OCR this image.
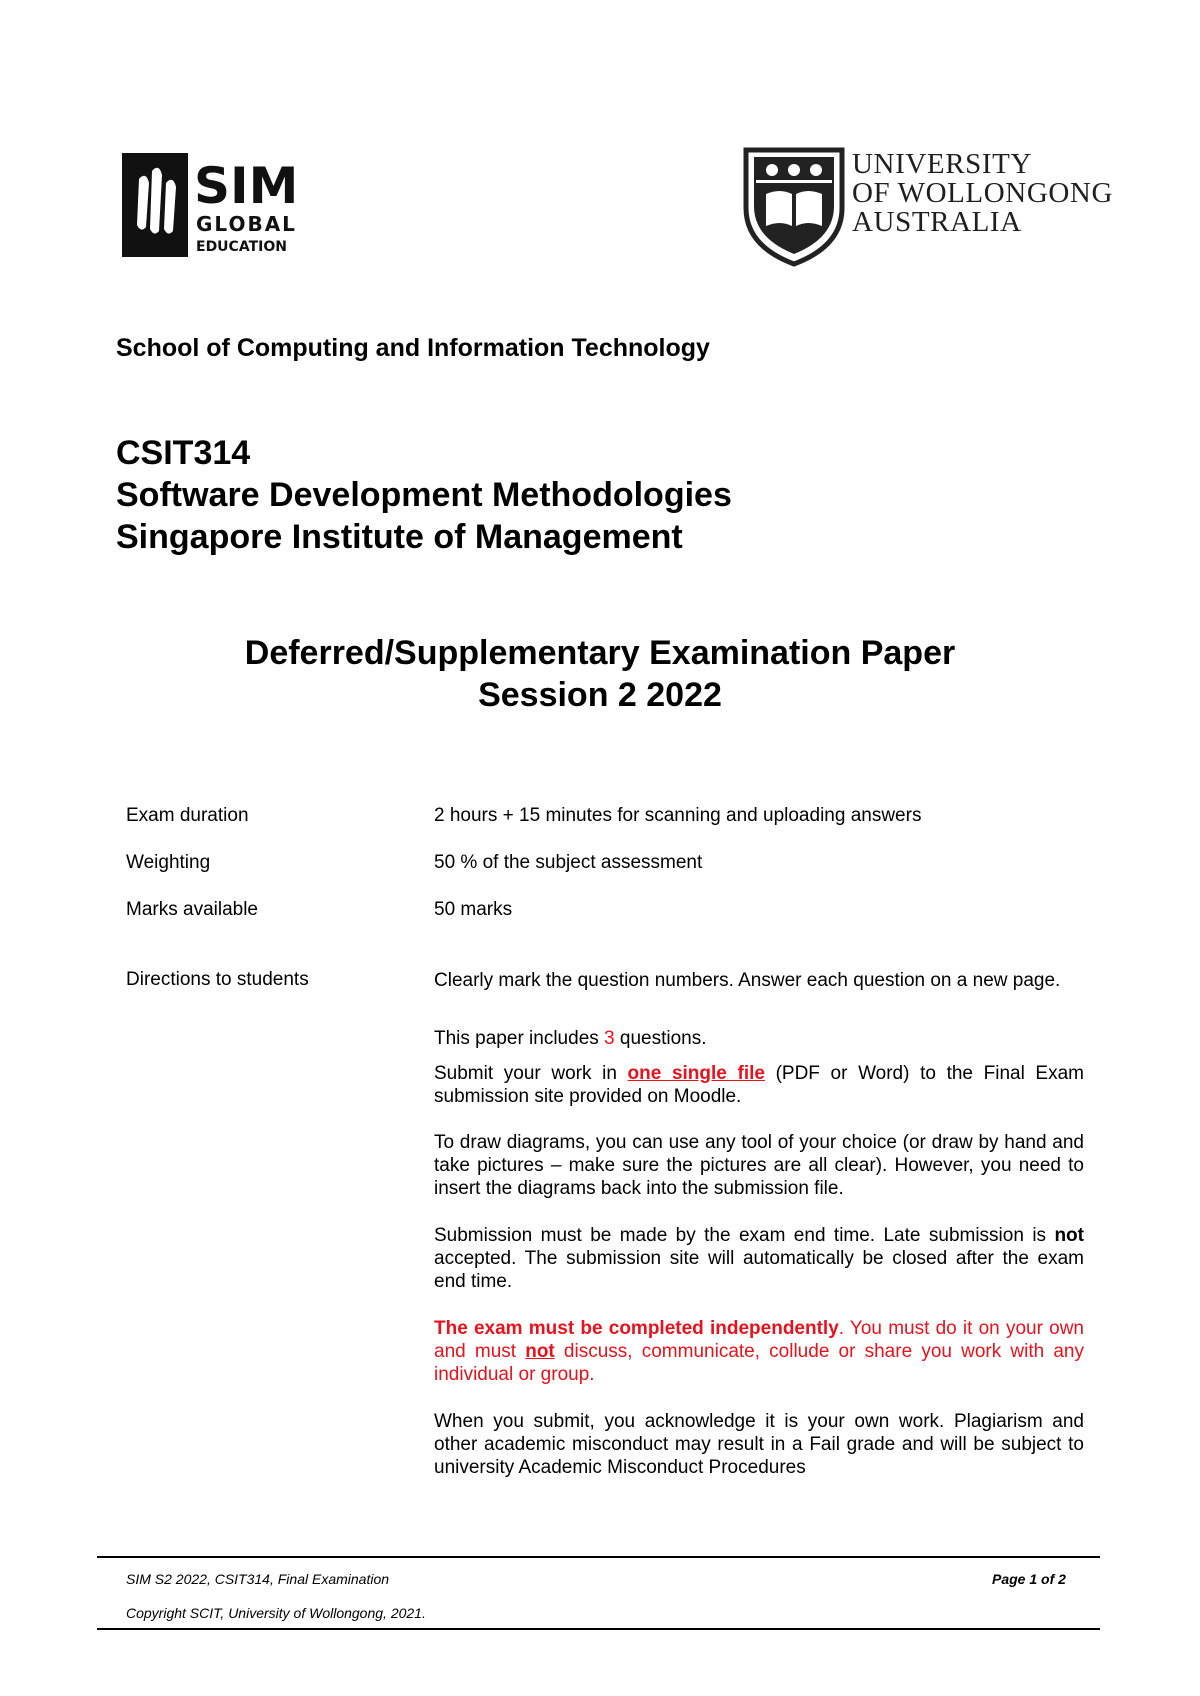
SIM
GLOBAL
EDUCATION
UNIVERSITY
OF WOLLONGONG
AUSTRALIA
School of Computing and Information Technology
CSIT314
Software Development Methodologies
Singapore Institute of Management
Deferred/Supplementary Examination Paper
Session 2 2022
Exam duration	2 hours + 15 minutes for scanning and uploading answers
Weighting	50 % of the subject assessment
Marks available	50 marks
Directions to students	Clearly mark the question numbers. Answer each question on a new page.

This paper includes 3 questions.

Submit your work in one single file (PDF or Word) to the Final Exam submission site provided on Moodle.

To draw diagrams, you can use any tool of your choice (or draw by hand and take pictures – make sure the pictures are all clear). However, you need to insert the diagrams back into the submission file.

Submission must be made by the exam end time. Late submission is not accepted. The submission site will automatically be closed after the exam end time.

The exam must be completed independently. You must do it on your own and must not discuss, communicate, collude or share you work with any individual or group.

When you submit, you acknowledge it is your own work. Plagiarism and other academic misconduct may result in a Fail grade and will be subject to university Academic Misconduct Procedures

SIM S2 2022, CSIT314, Final Examination	Page 1 of 2
Copyright SCIT, University of Wollongong, 2021.
